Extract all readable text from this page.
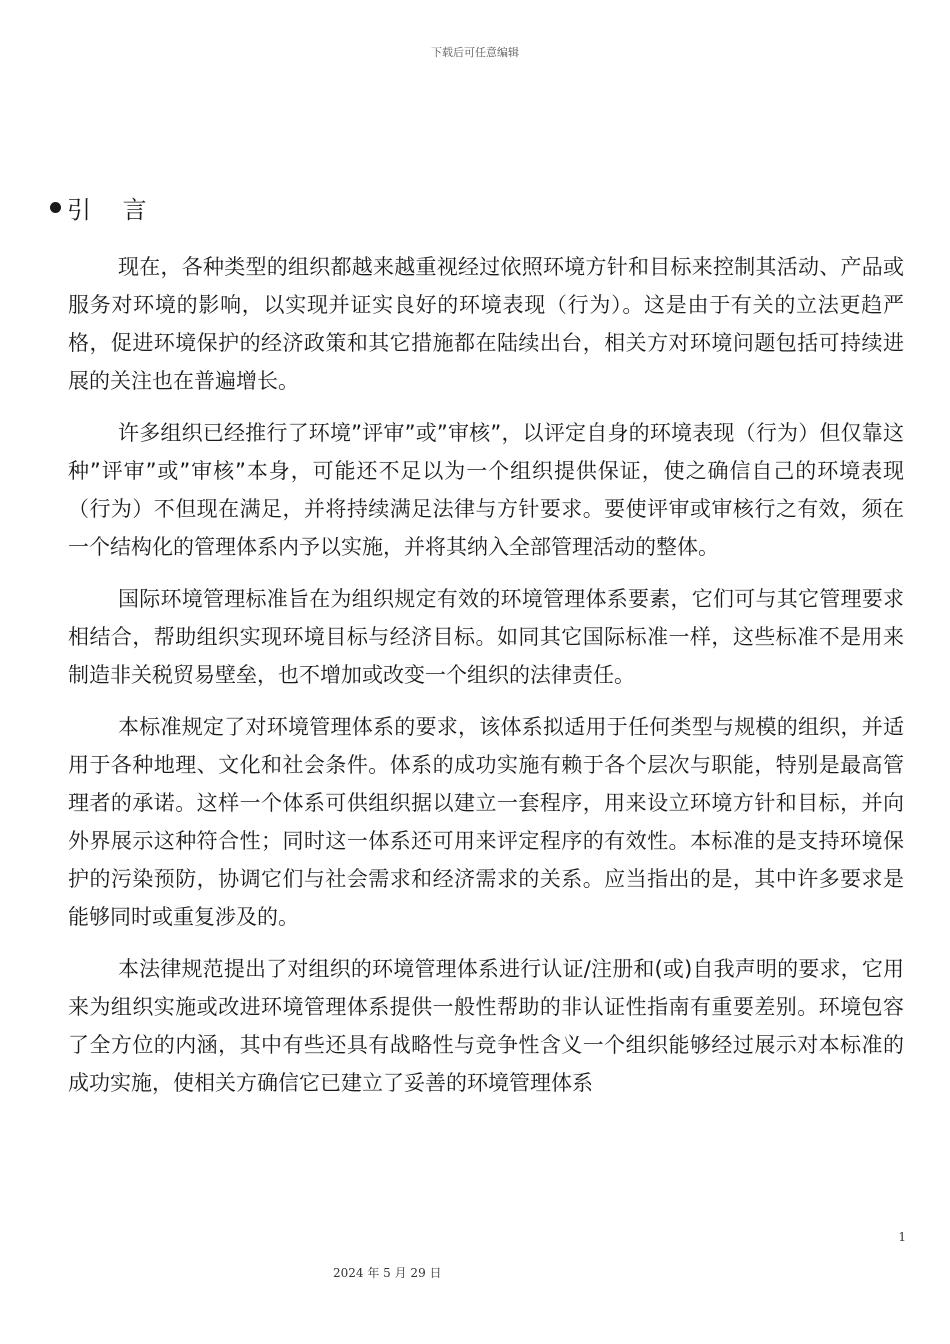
下载后可任意编辑
引 言

现在，各种类型的组织都越来越重视经过依照环境方针和目标来控制其活动、产品或服务对环境的影响，以实现并证实良好的环境表现（行为）。这是由于有关的立法更趋严格，促进环境保护的经济政策和其它措施都在陆续出台，相关方对环境问题包括可持续进展的关注也在普遍增长。

许多组织已经推行了环境”评审”或”审核”，以评定自身的环境表现（行为）但仅靠这种”评审”或”审核”本身，可能还不足以为一个组织提供保证，使之确信自己的环境表现（行为）不但现在满足，并将持续满足法律与方针要求。要使评审或审核行之有效，须在一个结构化的管理体系内予以实施，并将其纳入全部管理活动的整体。

国际环境管理标准旨在为组织规定有效的环境管理体系要素，它们可与其它管理要求相结合，帮助组织实现环境目标与经济目标。如同其它国际标准一样，这些标准不是用来制造非关税贸易壁垒，也不增加或改变一个组织的法律责任。

本标准规定了对环境管理体系的要求，该体系拟适用于任何类型与规模的组织，并适用于各种地理、文化和社会条件。体系的成功实施有赖于各个层次与职能，特别是最高管理者的承诺。这样一个体系可供组织据以建立一套程序，用来设立环境方针和目标，并向外界展示这种符合性；同时这一体系还可用来评定程序的有效性。本标准的是支持环境保护的污染预防，协调它们与社会需求和经济需求的关系。应当指出的是，其中许多要求是能够同时或重复涉及的。

本法律规范提出了对组织的环境管理体系进行认证/注册和(或)自我声明的要求，它用来为组织实施或改进环境管理体系提供一般性帮助的非认证性指南有重要差别。环境包容了全方位的内涵，其中有些还具有战略性与竞争性含义一个组织能够经过展示对本标准的成功实施，使相关方确信它已建立了妥善的环境管理体系

1
2024 年 5 月 29 日
